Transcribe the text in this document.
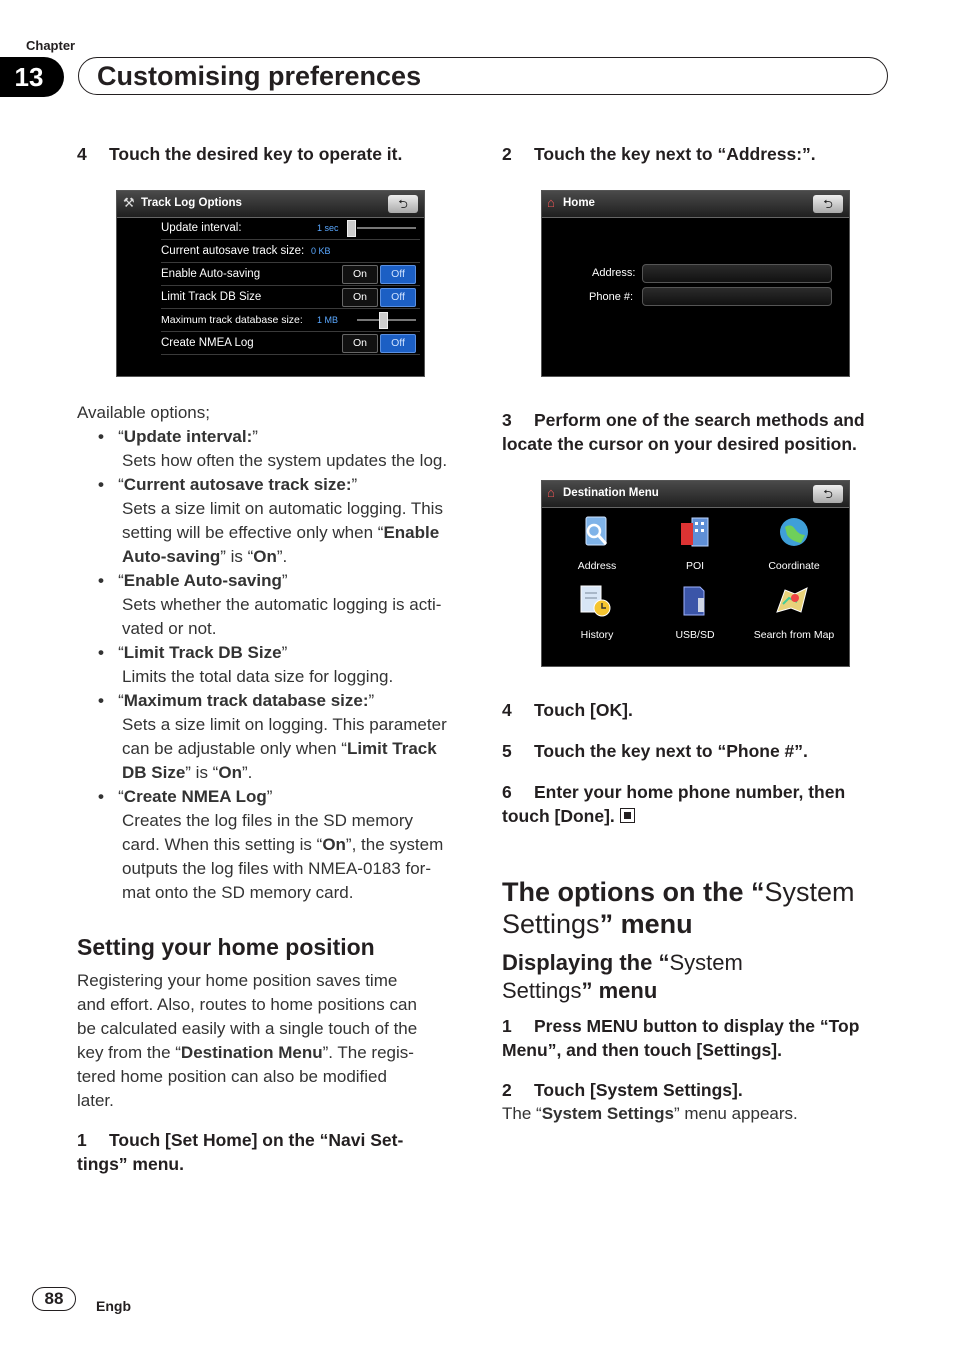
Chapter
13	Customising preferences
4 Touch the desired key to operate it.
⚒ Track Log Options	⮌
Update interval:	1 sec
Current autosave track size: 0 KB
Enable Auto-saving	On	Off
Limit Track DB Size	On	Off
Maximum track database size: 1 MB
Create NMEA Log	On	Off
Available options;
•   “Update interval:”
Sets how often the system updates the log.
•   “Current autosave track size:”
Sets a size limit on automatic logging. This
setting will be effective only when “Enable
Auto-saving” is “On”.
•   “Enable Auto-saving”
Sets whether the automatic logging is acti-
vated or not.
•   “Limit Track DB Size”
Limits the total data size for logging.
•   “Maximum track database size:”
Sets a size limit on logging. This parameter
can be adjustable only when “Limit Track
DB Size” is “On”.
•   “Create NMEA Log”
Creates the log files in the SD memory
card. When this setting is “On”, the system
outputs the log files with NMEA-0183 for-
mat onto the SD memory card.
Setting your home position
Registering your home position saves time
and effort. Also, routes to home positions can
be calculated easily with a single touch of the
key from the “Destination Menu”. The regis-
tered home position can also be modified
later.
1 Touch [Set Home] on the “Navi Set-
tings” menu.
2 Touch the key next to “Address:”.
⌂ Home	⮌
Address:
Phone #:
3 Perform one of the search methods and
locate the cursor on your desired position.
⌂ Destination Menu	⮌
Address	POI	Coordinate
History	USB/SD	Search from Map
4 Touch [OK].
5 Touch the key next to “Phone #”.
6 Enter your home phone number, then
touch [Done].
The options on the “System
Settings” menu
Displaying the “System
Settings” menu
1 Press MENU button to display the “Top
Menu”, and then touch [Settings].
2 Touch [System Settings].
The “System Settings” menu appears.
88	Engb
